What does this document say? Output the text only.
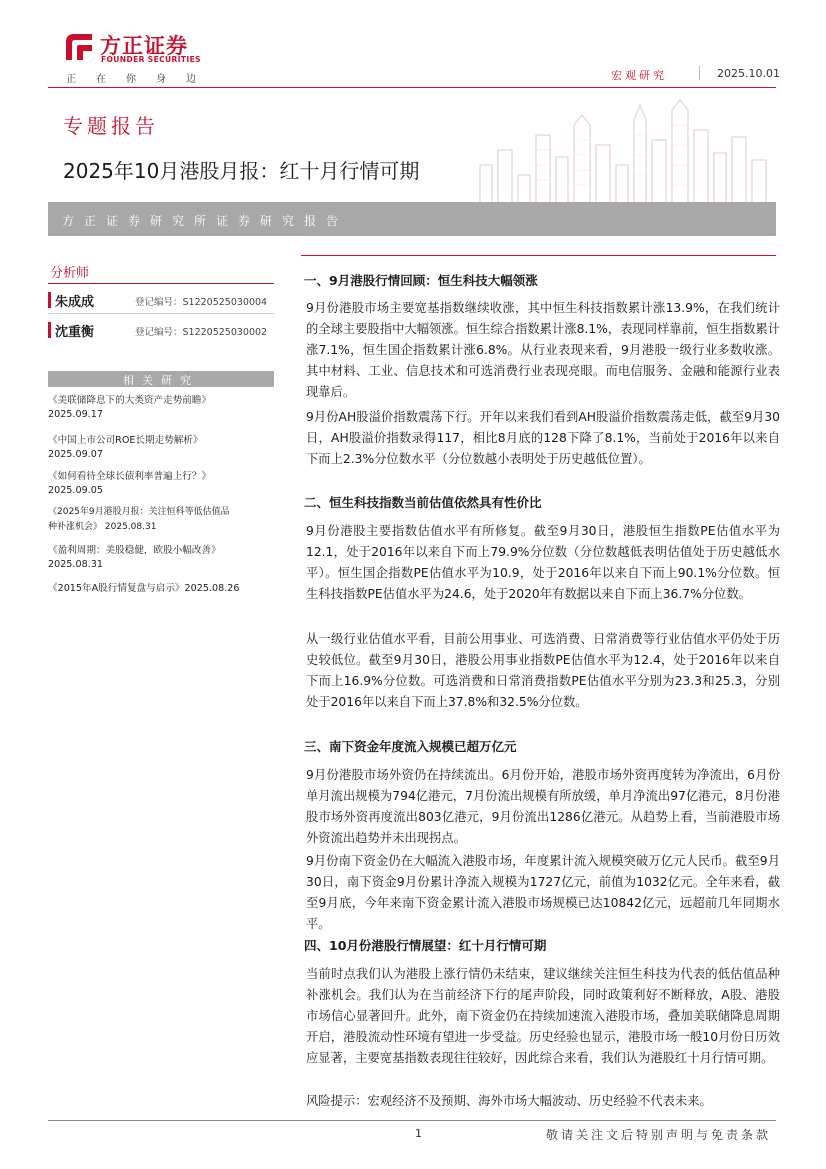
方正证券
FOUNDER SECURITIES
正在你身边	宏观研究	2025.10.01
专题报告
2025年10月港股月报：红十月行情可期
方正证券研究所证券研究报告
分析师
朱成成	登记编号：S1220525030004
沈重衡	登记编号：S1220525030002
相关研究
《美联储降息下的大类资产走势前瞻》
2025.09.17
《中国上市公司ROE长期走势解析》
2025.09.07
《如何看待全球长债利率普遍上行？》
2025.09.05
《2025年9月港股月报：关注恒科等低估值品
种补涨机会》 2025.08.31
《盈利周期：美股稳健，欧股小幅改善》
2025.08.31
《2015年A股行情复盘与启示》2025.08.26
一、9月港股行情回顾：恒生科技大幅领涨
9月份港股市场主要宽基指数继续收涨，其中恒生科技指数累计涨13.9%，在我们统计的全球主要股指中大幅领涨。恒生综合指数累计涨8.1%，表现同样靠前，恒生指数累计涨7.1%，恒生国企指数累计涨6.8%。从行业表现来看，9月港股一级行业多数收涨。其中材料、工业、信息技术和可选消费行业表现亮眼。而电信服务、金融和能源行业表现靠后。
9月份AH股溢价指数震荡下行。开年以来我们看到AH股溢价指数震荡走低，截至9月30日，AH股溢价指数录得117，相比8月底的128下降了8.1%，当前处于2016年以来自下而上2.3%分位数水平（分位数越小表明处于历史越低位置）。
二、恒生科技指数当前估值依然具有性价比
9月份港股主要指数估值水平有所修复。截至9月30日，港股恒生指数PE估值水平为12.1，处于2016年以来自下而上79.9%分位数（分位数越低表明估值处于历史越低水平）。恒生国企指数PE估值水平为10.9，处于2016年以来自下而上90.1%分位数。恒生科技指数PE估值水平为24.6，处于2020年有数据以来自下而上36.7%分位数。
从一级行业估值水平看，目前公用事业、可选消费、日常消费等行业估值水平仍处于历史较低位。截至9月30日，港股公用事业指数PE估值水平为12.4，处于2016年以来自下而上16.9%分位数。可选消费和日常消费指数PE估值水平分别为23.3和25.3，分别处于2016年以来自下而上37.8%和32.5%分位数。
三、南下资金年度流入规模已超万亿元
9月份港股市场外资仍在持续流出。6月份开始，港股市场外资再度转为净流出，6月份单月流出规模为794亿港元，7月份流出规模有所放缓，单月净流出97亿港元，8月份港股市场外资再度流出803亿港元，9月份流出1286亿港元。从趋势上看，当前港股市场外资流出趋势并未出现拐点。
9月份南下资金仍在大幅流入港股市场，年度累计流入规模突破万亿元人民币。截至9月30日，南下资金9月份累计净流入规模为1727亿元，前值为1032亿元。全年来看，截至9月底，今年来南下资金累计流入港股市场规模已达10842亿元，远超前几年同期水平。
四、10月份港股行情展望：红十月行情可期
当前时点我们认为港股上涨行情仍未结束，建议继续关注恒生科技为代表的低估值品种补涨机会。我们认为在当前经济下行的尾声阶段，同时政策利好不断释放，A股、港股市场信心显著回升。此外，南下资金仍在持续加速流入港股市场，叠加美联储降息周期开启，港股流动性环境有望进一步受益。历史经验也显示，港股市场一般10月份日历效应显著，主要宽基指数表现往往较好，因此综合来看，我们认为港股红十月行情可期。
风险提示：宏观经济不及预期、海外市场大幅波动、历史经验不代表未来。
1	敬请关注文后特别声明与免责条款
